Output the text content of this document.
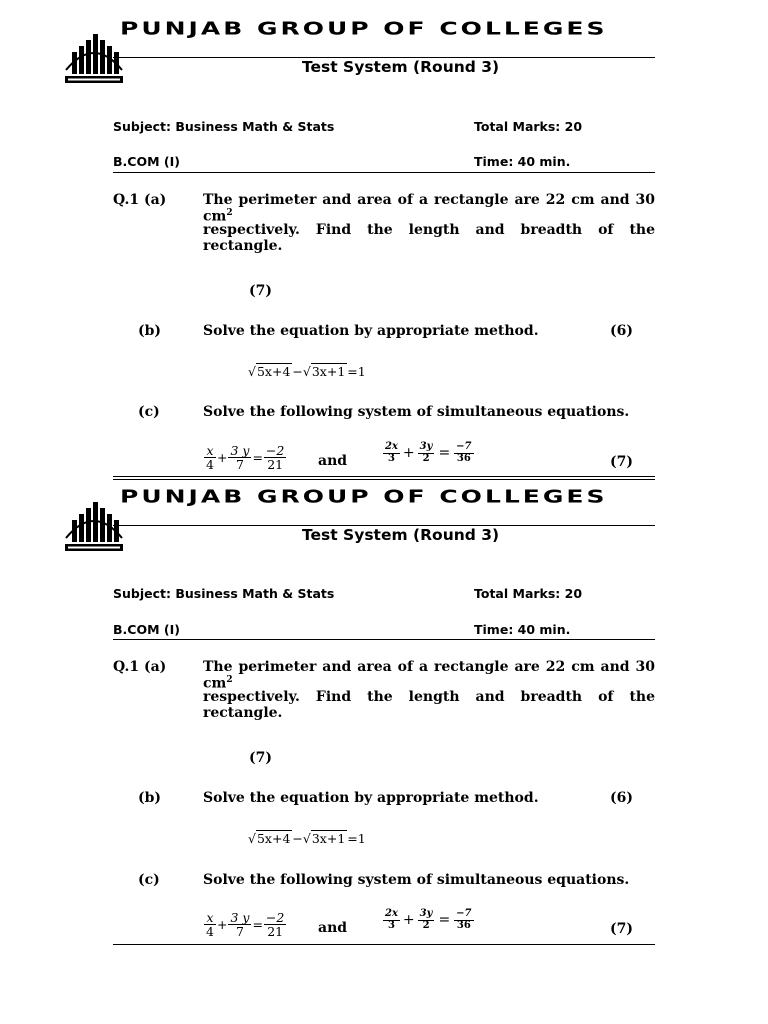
PUNJAB GROUP OF COLLEGES
Test System (Round 3)
Subject: Business Math & Stats	Total Marks: 20
B.COM (I)	Time: 40 min.
Q.1 (a)	The perimeter and area of a rectangle are 22 cm and 30 $cm^2$
respectively. Find the length and breadth of the rectangle.
(7)
(b)	Solve the equation by appropriate method.	(6)
√ 5x+4 − √ 3x+1 =1
(c)	Solve the following system of simultaneous equations.
$\frac{x}{4} + \frac{3 y}{7} = \frac{-2}{21}$ and	$\frac{2x}{3} + \frac{3y}{2} = \frac{-7}{36}$	(7)
PUNJAB GROUP OF COLLEGES
Test System (Round 3)
Subject: Business Math & Stats	Total Marks: 20
B.COM (I)	Time: 40 min.
Q.1 (a)	The perimeter and area of a rectangle are 22 cm and 30 $cm^2$
respectively. Find the length and breadth of the rectangle.
(7)
(b)	Solve the equation by appropriate method.	(6)
√ 5x+4 − √ 3x+1 =1
(c)	Solve the following system of simultaneous equations.
$\frac{x}{4} + \frac{3 y}{7} = \frac{-2}{21}$ and	$\frac{2x}{3} + \frac{3y}{2} = \frac{-7}{36}$	(7)
